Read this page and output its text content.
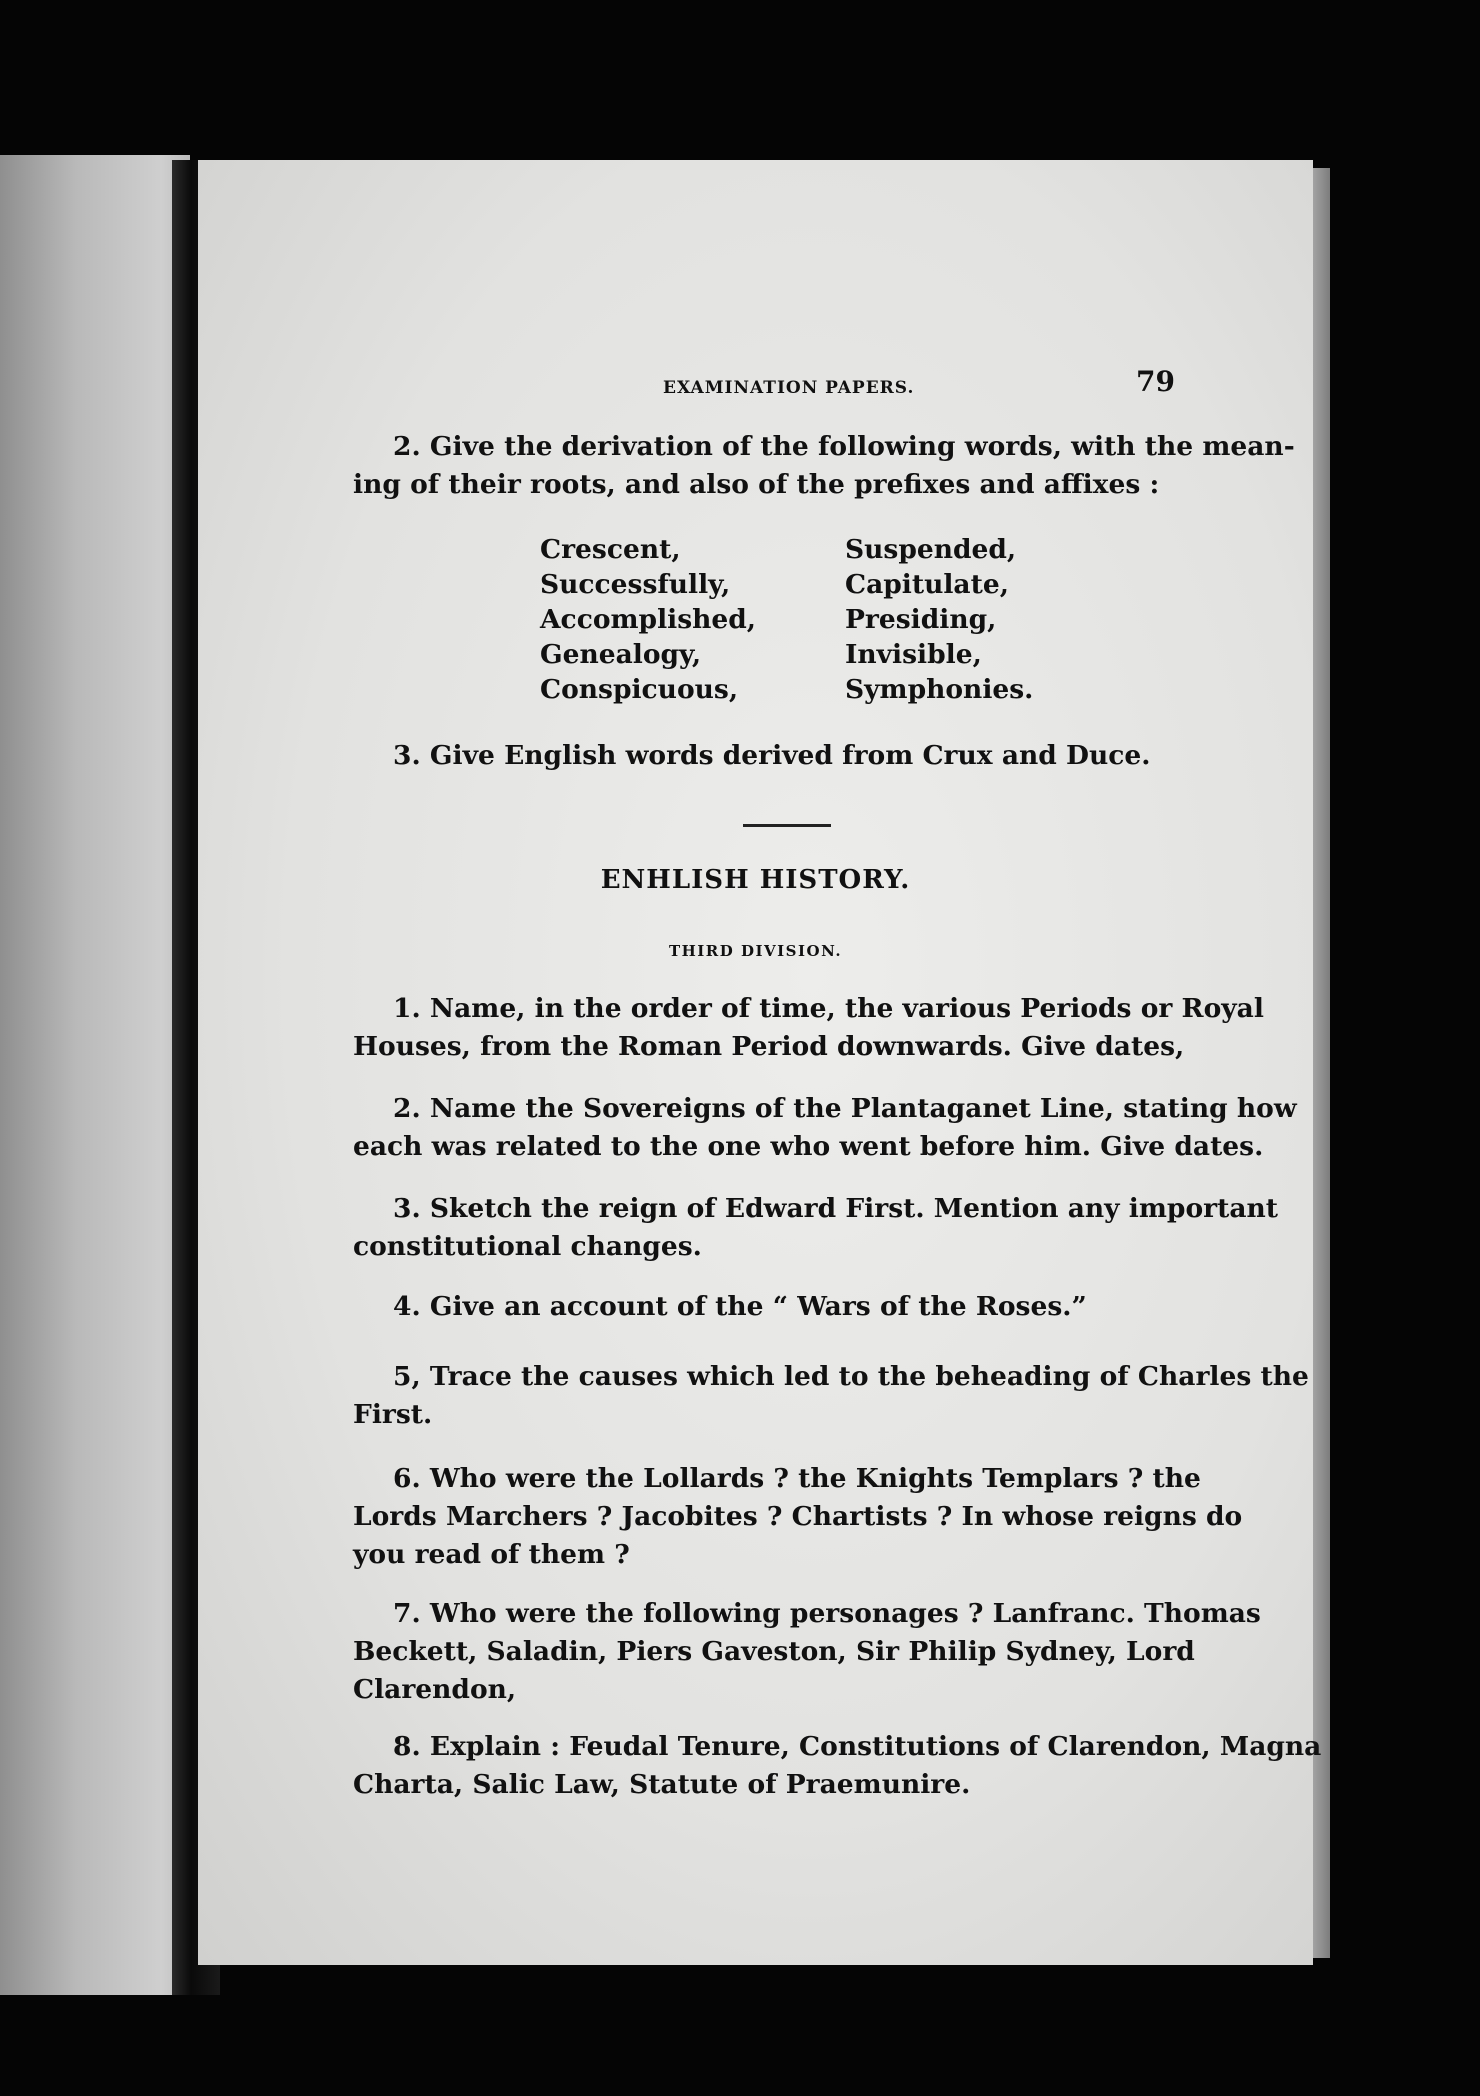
EXAMINATION PAPERS.	79
2. Give the derivation of the following words, with the mean-
ing of their roots, and also of the prefixes and affixes :
Crescent,
Successfully,
Accomplished,
Genealogy,
Conspicuous,
Suspended,
Capitulate,
Presiding,
Invisible,
Symphonies.
3. Give English words derived from Crux and Duce.
ENHLISH HISTORY.
THIRD DIVISION.
1. Name, in the order of time, the various Periods or Royal
Houses, from the Roman Period downwards. Give dates,
2. Name the Sovereigns of the Plantaganet Line, stating how
each was related to the one who went before him. Give dates.
3. Sketch the reign of Edward First. Mention any important
constitutional changes.
4. Give an account of the “ Wars of the Roses.”
5, Trace the causes which led to the beheading of Charles the
First.
6. Who were the Lollards ? the Knights Templars ? the
Lords Marchers ? Jacobites ? Chartists ? In whose reigns do
you read of them ?
7. Who were the following personages ? Lanfranc. Thomas
Beckett, Saladin, Piers Gaveston, Sir Philip Sydney, Lord
Clarendon,
8. Explain : Feudal Tenure, Constitutions of Clarendon, Magna
Charta, Salic Law, Statute of Praemunire.
